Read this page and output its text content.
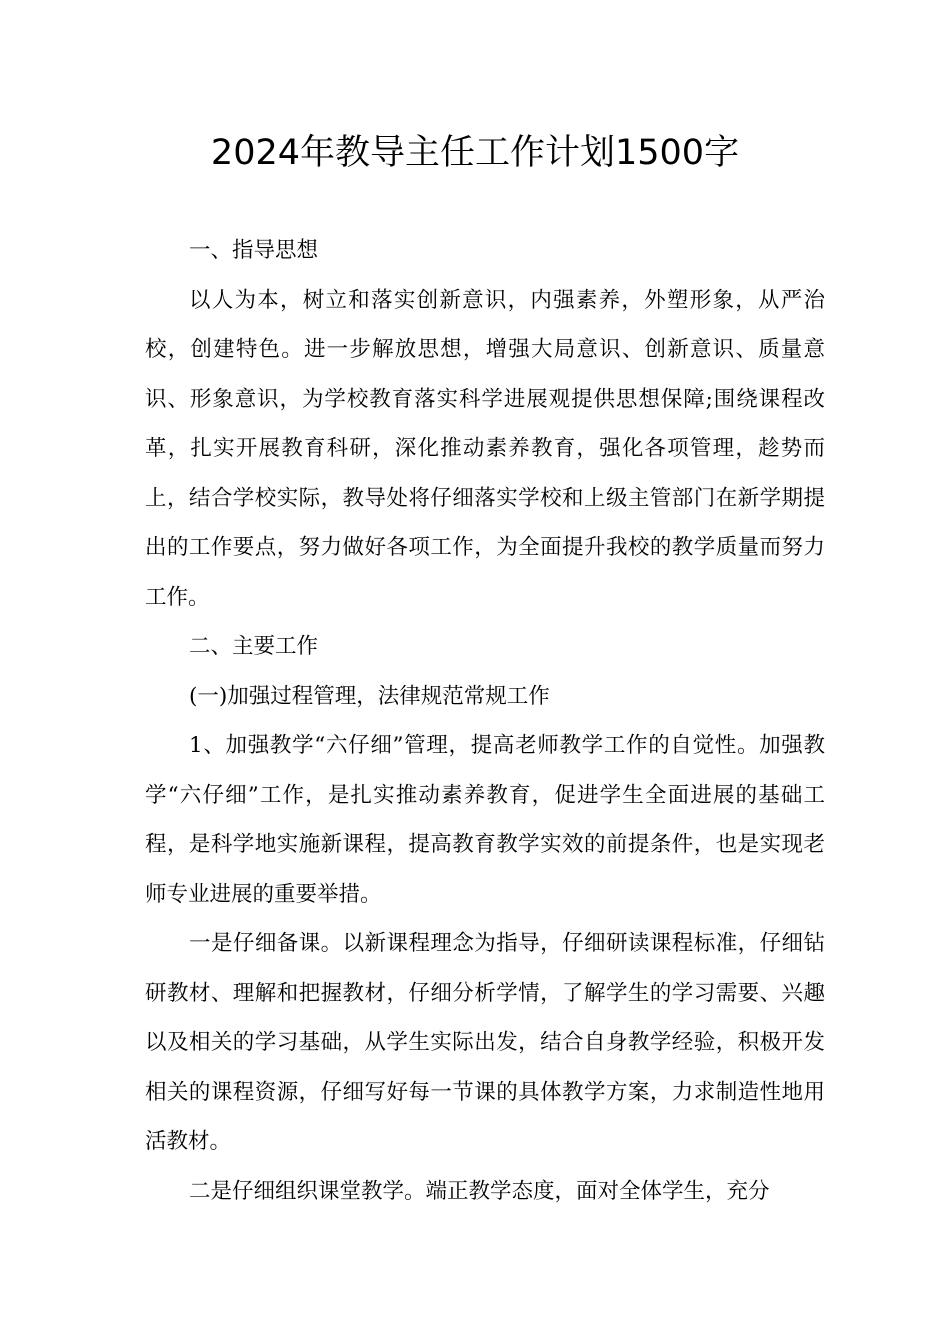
2024年教导主任工作计划1500字

一、指导思想

以人为本，树立和落实创新意识，内强素养，外塑形象，从严治校，创建特色。进一步解放思想，增强大局意识、创新意识、质量意识、形象意识，为学校教育落实科学进展观提供思想保障;围绕课程改革，扎实开展教育科研，深化推动素养教育，强化各项管理，趁势而上，结合学校实际，教导处将仔细落实学校和上级主管部门在新学期提出的工作要点，努力做好各项工作，为全面提升我校的教学质量而努力工作。

二、主要工作

(一)加强过程管理，法律规范常规工作

1、加强教学“六仔细”管理，提高老师教学工作的自觉性。加强教学“六仔细”工作，是扎实推动素养教育，促进学生全面进展的基础工程，是科学地实施新课程，提高教育教学实效的前提条件，也是实现老师专业进展的重要举措。

一是仔细备课。以新课程理念为指导，仔细研读课程标准，仔细钻研教材、理解和把握教材，仔细分析学情，了解学生的学习需要、兴趣以及相关的学习基础，从学生实际出发，结合自身教学经验，积极开发相关的课程资源，仔细写好每一节课的具体教学方案，力求制造性地用活教材。

二是仔细组织课堂教学。端正教学态度，面对全体学生，充分
